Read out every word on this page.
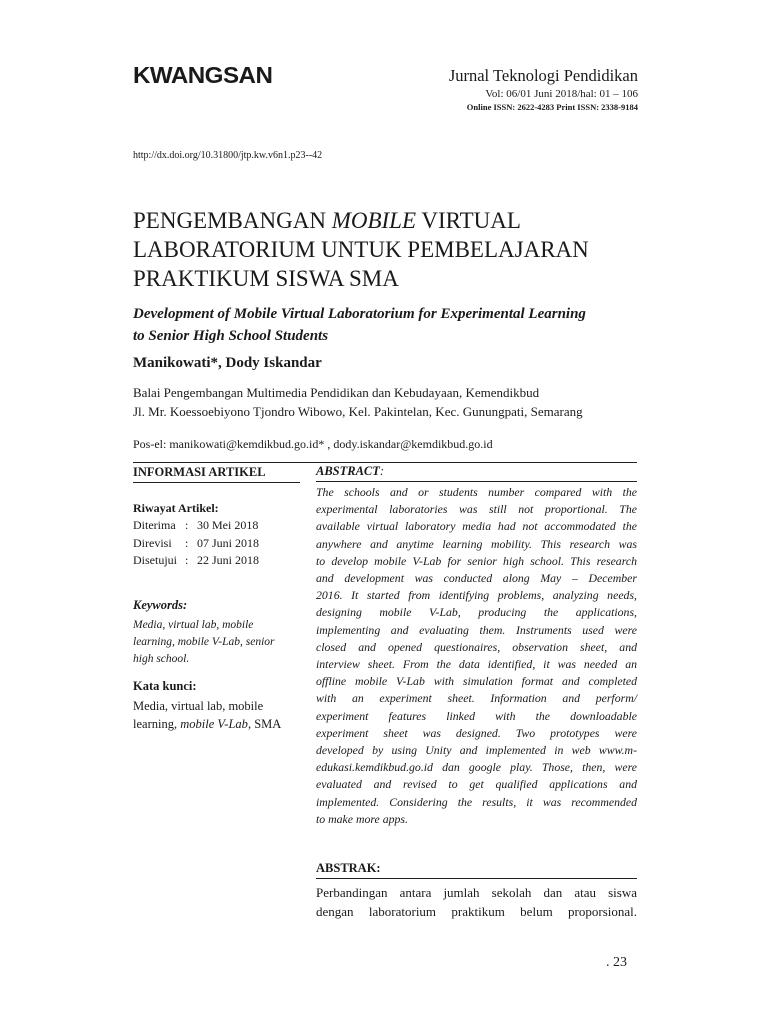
KWANGSAN	Jurnal Teknologi Pendidikan
Vol: 06/01 Juni 2018/hal: 01 – 106
Online ISSN: 2622-4283 Print ISSN: 2338-9184
http://dx.doi.org/10.31800/jtp.kw.v6n1.p23--42
PENGEMBANGAN MOBILE VIRTUAL
LABORATORIUM UNTUK PEMBELAJARAN
PRAKTIKUM SISWA SMA
Development of Mobile Virtual Laboratorium for Experimental Learning
to Senior High School Students
Manikowati*, Dody Iskandar
Balai Pengembangan Multimedia Pendidikan dan Kebudayaan, Kemendikbud
Jl. Mr. Koessoebiyono Tjondro Wibowo, Kel. Pakintelan, Kec. Gunungpati, Semarang
Pos-el: manikowati@kemdikbud.go.id* , dody.iskandar@kemdikbud.go.id
INFORMASI ARTIKEL
Riwayat Artikel:
Diterima : 30 Mei 2018
Direvisi : 07 Juni 2018
Disetujui : 22 Juni 2018
Keywords:
Media, virtual lab, mobile
learning, mobile V-Lab, senior
high school.
Kata kunci:
Media, virtual lab, mobile
learning, mobile V-Lab, SMA
ABSTRACT:
The schools and or students number compared with the
experimental laboratories was still not proportional. The
available virtual laboratory media had not accommodated the
anywhere and anytime learning mobility. This research was
to develop mobile V-Lab for senior high school. This research
and development was conducted along May – December
2016. It started from identifying problems, analyzing needs,
designing mobile V-Lab, producing the applications,
implementing and evaluating them. Instruments used were
closed and opened questionaires, observation sheet, and
interview sheet. From the data identified, it was needed an
offline mobile V-Lab with simulation format and completed
with an experiment sheet. Information and perform/
experiment features linked with the downloadable
experiment sheet was designed. Two prototypes were
developed by using Unity and implemented in web www.m-
edukasi.kemdikbud.go.id dan google play. Those, then, were
evaluated and revised to get qualified applications and
implemented. Considering the results, it was recommended
to make more apps.
ABSTRAK:
Perbandingan antara jumlah sekolah dan atau siswa
dengan laboratorium praktikum belum proporsional.
. 23
